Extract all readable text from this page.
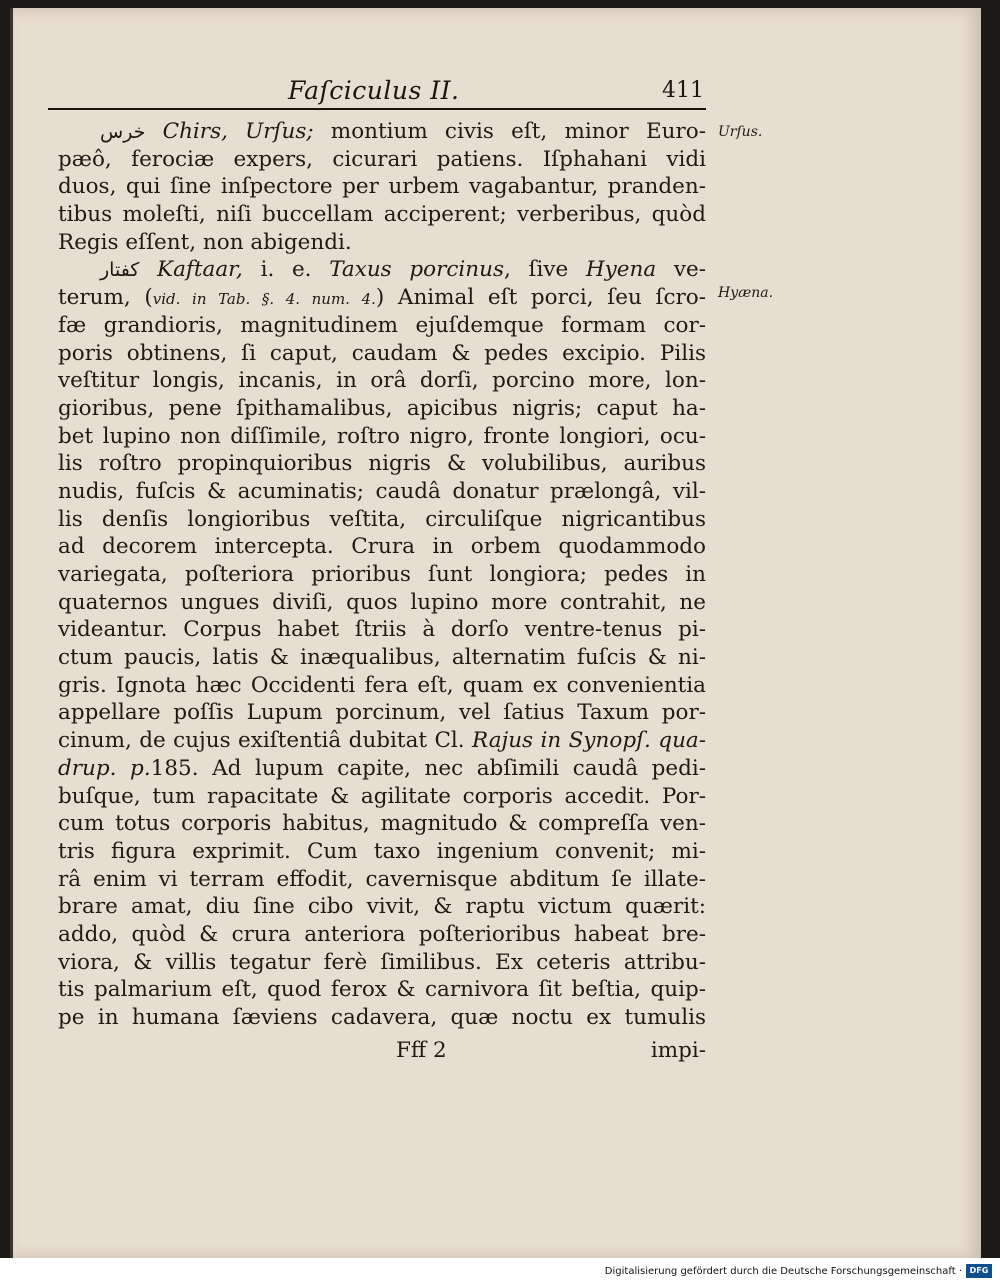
Faſciculus II.	411
Urſus.
Hyæna.
خرس Chirs, Urſus; montium civis eſt, minor Euro-
pæô, ferociæ expers, cicurari patiens. Iſphahani vidi
duos, qui ſine inſpectore per urbem vagabantur, pranden-
tibus moleſti, niſi buccellam acciperent; verberibus, quòd
Regis eſſent, non abigendi.
كفتار Kaftaar, i. e. Taxus porcinus, ſive Hyena ve-
terum, (vid. in Tab. §. 4. num. 4.) Animal eſt porci, ſeu ſcro-
fæ grandioris, magnitudinem ejuſdemque formam cor-
poris obtinens, ſi caput, caudam & pedes excipio. Pilis
veſtitur longis, incanis, in orâ dorſi, porcino more, lon-
gioribus, pene ſpithamalibus, apicibus nigris; caput ha-
bet lupino non diſſimile, roſtro nigro, fronte longiori, ocu-
lis roſtro propinquioribus nigris & volubilibus, auribus
nudis, fuſcis & acuminatis; caudâ donatur prælongâ, vil-
lis denſis longioribus veſtita, circuliſque nigricantibus
ad decorem intercepta. Crura in orbem quodammodo
variegata, poſteriora prioribus ſunt longiora; pedes in
quaternos ungues diviſi, quos lupino more contrahit, ne
videantur. Corpus habet ſtriis à dorſo ventre-tenus pi-
ctum paucis, latis & inæqualibus, alternatim fuſcis & ni-
gris. Ignota hæc Occidenti fera eſt, quam ex convenientia
appellare poſſis Lupum porcinum, vel ſatius Taxum por-
cinum, de cujus exiſtentiâ dubitat Cl. Rajus in Synopſ. qua-
drup. p.185. Ad lupum capite, nec abſimili caudâ pedi-
buſque, tum rapacitate & agilitate corporis accedit. Por-
cum totus corporis habitus, magnitudo & compreſſa ven-
tris figura exprimit. Cum taxo ingenium convenit; mi-
râ enim vi terram effodit, cavernisque abditum ſe illate-
brare amat, diu ſine cibo vivit, & raptu victum quærit:
addo, quòd & crura anteriora poſterioribus habeat bre-
viora, & villis tegatur ferè ſimilibus. Ex ceteris attribu-
tis palmarium eſt, quod ferox & carnivora ſit beſtia, quip-
pe in humana ſæviens cadavera, quæ noctu ex tumulis
Fff 2	impi-
Digitalisierung gefördert durch die Deutsche Forschungsgemeinschaft · DFG
